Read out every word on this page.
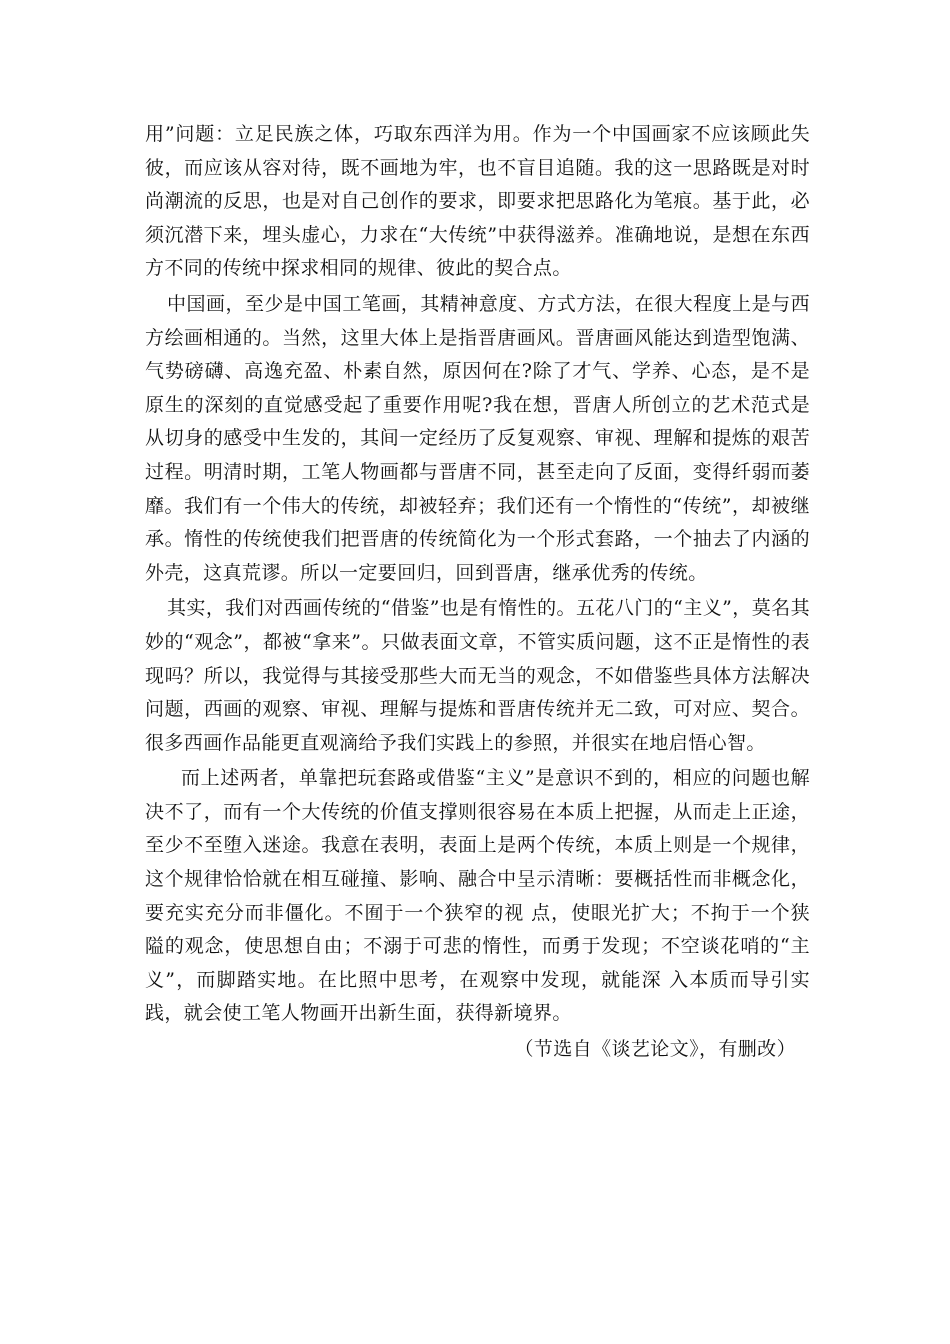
用”问题：立足民族之体，巧取东西洋为用。作为一个中国画家不应该顾此失彼，而应该从容对待，既不画地为牢，也不盲目追随。我的这一思路既是对时尚潮流的反思，也是对自己创作的要求，即要求把思路化为笔痕。基于此，必须沉潜下来，埋头虚心，力求在“大传统”中获得滋养。准确地说，是想在东西方不同的传统中探求相同的规律、彼此的契合点。

中国画，至少是中国工笔画，其精神意度、方式方法，在很大程度上是与西方绘画相通的。当然，这里大体上是指晋唐画风。晋唐画风能达到造型饱满、气势磅礴、高逸充盈、朴素自然，原因何在?除了才气、学养、心态，是不是原生的深刻的直觉感受起了重要作用呢?我在想，晋唐人所创立的艺术范式是从切身的感受中生发的，其间一定经历了反复观察、审视、理解和提炼的艰苦过程。明清时期，工笔人物画都与晋唐不同，甚至走向了反面，变得纤弱而萎靡。我们有一个伟大的传统，却被轻弃；我们还有一个惰性的“传统”，却被继承。惰性的传统使我们把晋唐的传统简化为一个形式套路，一个抽去了内涵的外壳，这真荒谬。所以一定要回归，回到晋唐，继承优秀的传统。

其实，我们对西画传统的“借鉴”也是有惰性的。五花八门的“主义”，莫名其妙的“观念”，都被“拿来”。只做表面文章，不管实质问题，这不正是惰性的表现吗？所以，我觉得与其接受那些大而无当的观念，不如借鉴些具体方法解决问题，西画的观察、审视、理解与提炼和晋唐传统并无二致，可对应、契合。很多西画作品能更直观滴给予我们实践上的参照，并很实在地启悟心智。

而上述两者，单靠把玩套路或借鉴“主义”是意识不到的，相应的问题也解决不了，而有一个大传统的价值支撑则很容易在本质上把握，从而走上正途，至少不至堕入迷途。我意在表明，表面上是两个传统，本质上则是一个规律，这个规律恰恰就在相互碰撞、影响、融合中呈示清晰：要概括性而非概念化，要充实充分而非僵化。不囿于一个狭窄的视 点，使眼光扩大；不拘于一个狭隘的观念，使思想自由；不溺于可悲的惰性，而勇于发现；不空谈花哨的“主义”，而脚踏实地。在比照中思考，在观察中发现，就能深 入本质而导引实践，就会使工笔人物画开出新生面，获得新境界。

（节选自《谈艺论文》，有删改）
